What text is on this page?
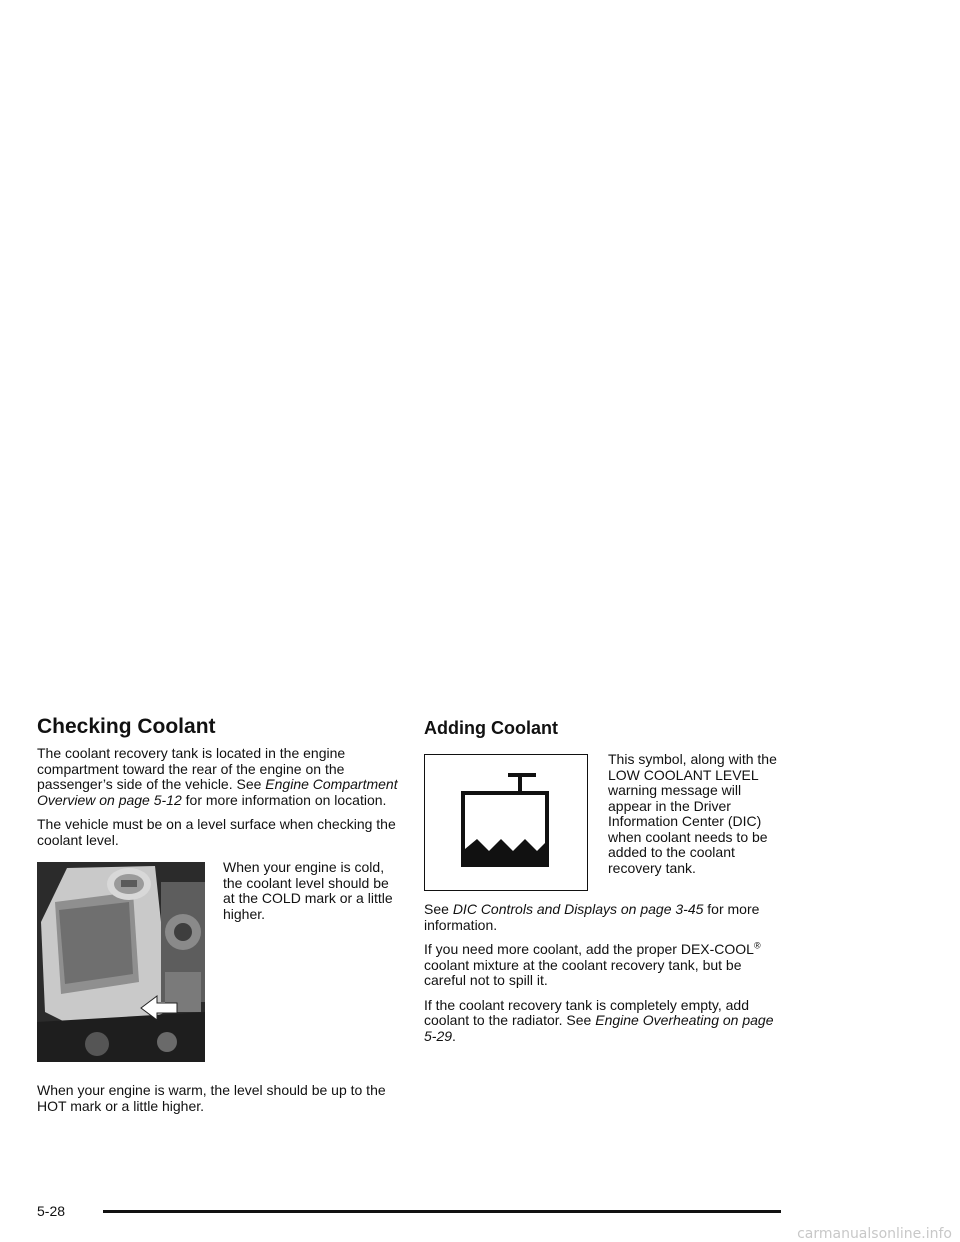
Checking Coolant

The coolant recovery tank is located in the engine compartment toward the rear of the engine on the passenger’s side of the vehicle. See Engine Compartment Overview on page 5-12 for more information on location.

The vehicle must be on a level surface when checking the coolant level.

When your engine is cold, the coolant level should be at the COLD mark or a little higher.

When your engine is warm, the level should be up to the HOT mark or a little higher.

Adding Coolant

This symbol, along with the LOW COOLANT LEVEL warning message will appear in the Driver Information Center (DIC) when coolant needs to be added to the coolant recovery tank.

See DIC Controls and Displays on page 3-45 for more information.

If you need more coolant, add the proper DEX-COOL® coolant mixture at the coolant recovery tank, but be careful not to spill it.

If the coolant recovery tank is completely empty, add coolant to the radiator. See Engine Overheating on page 5-29.

5-28
carmanualsonline.info
